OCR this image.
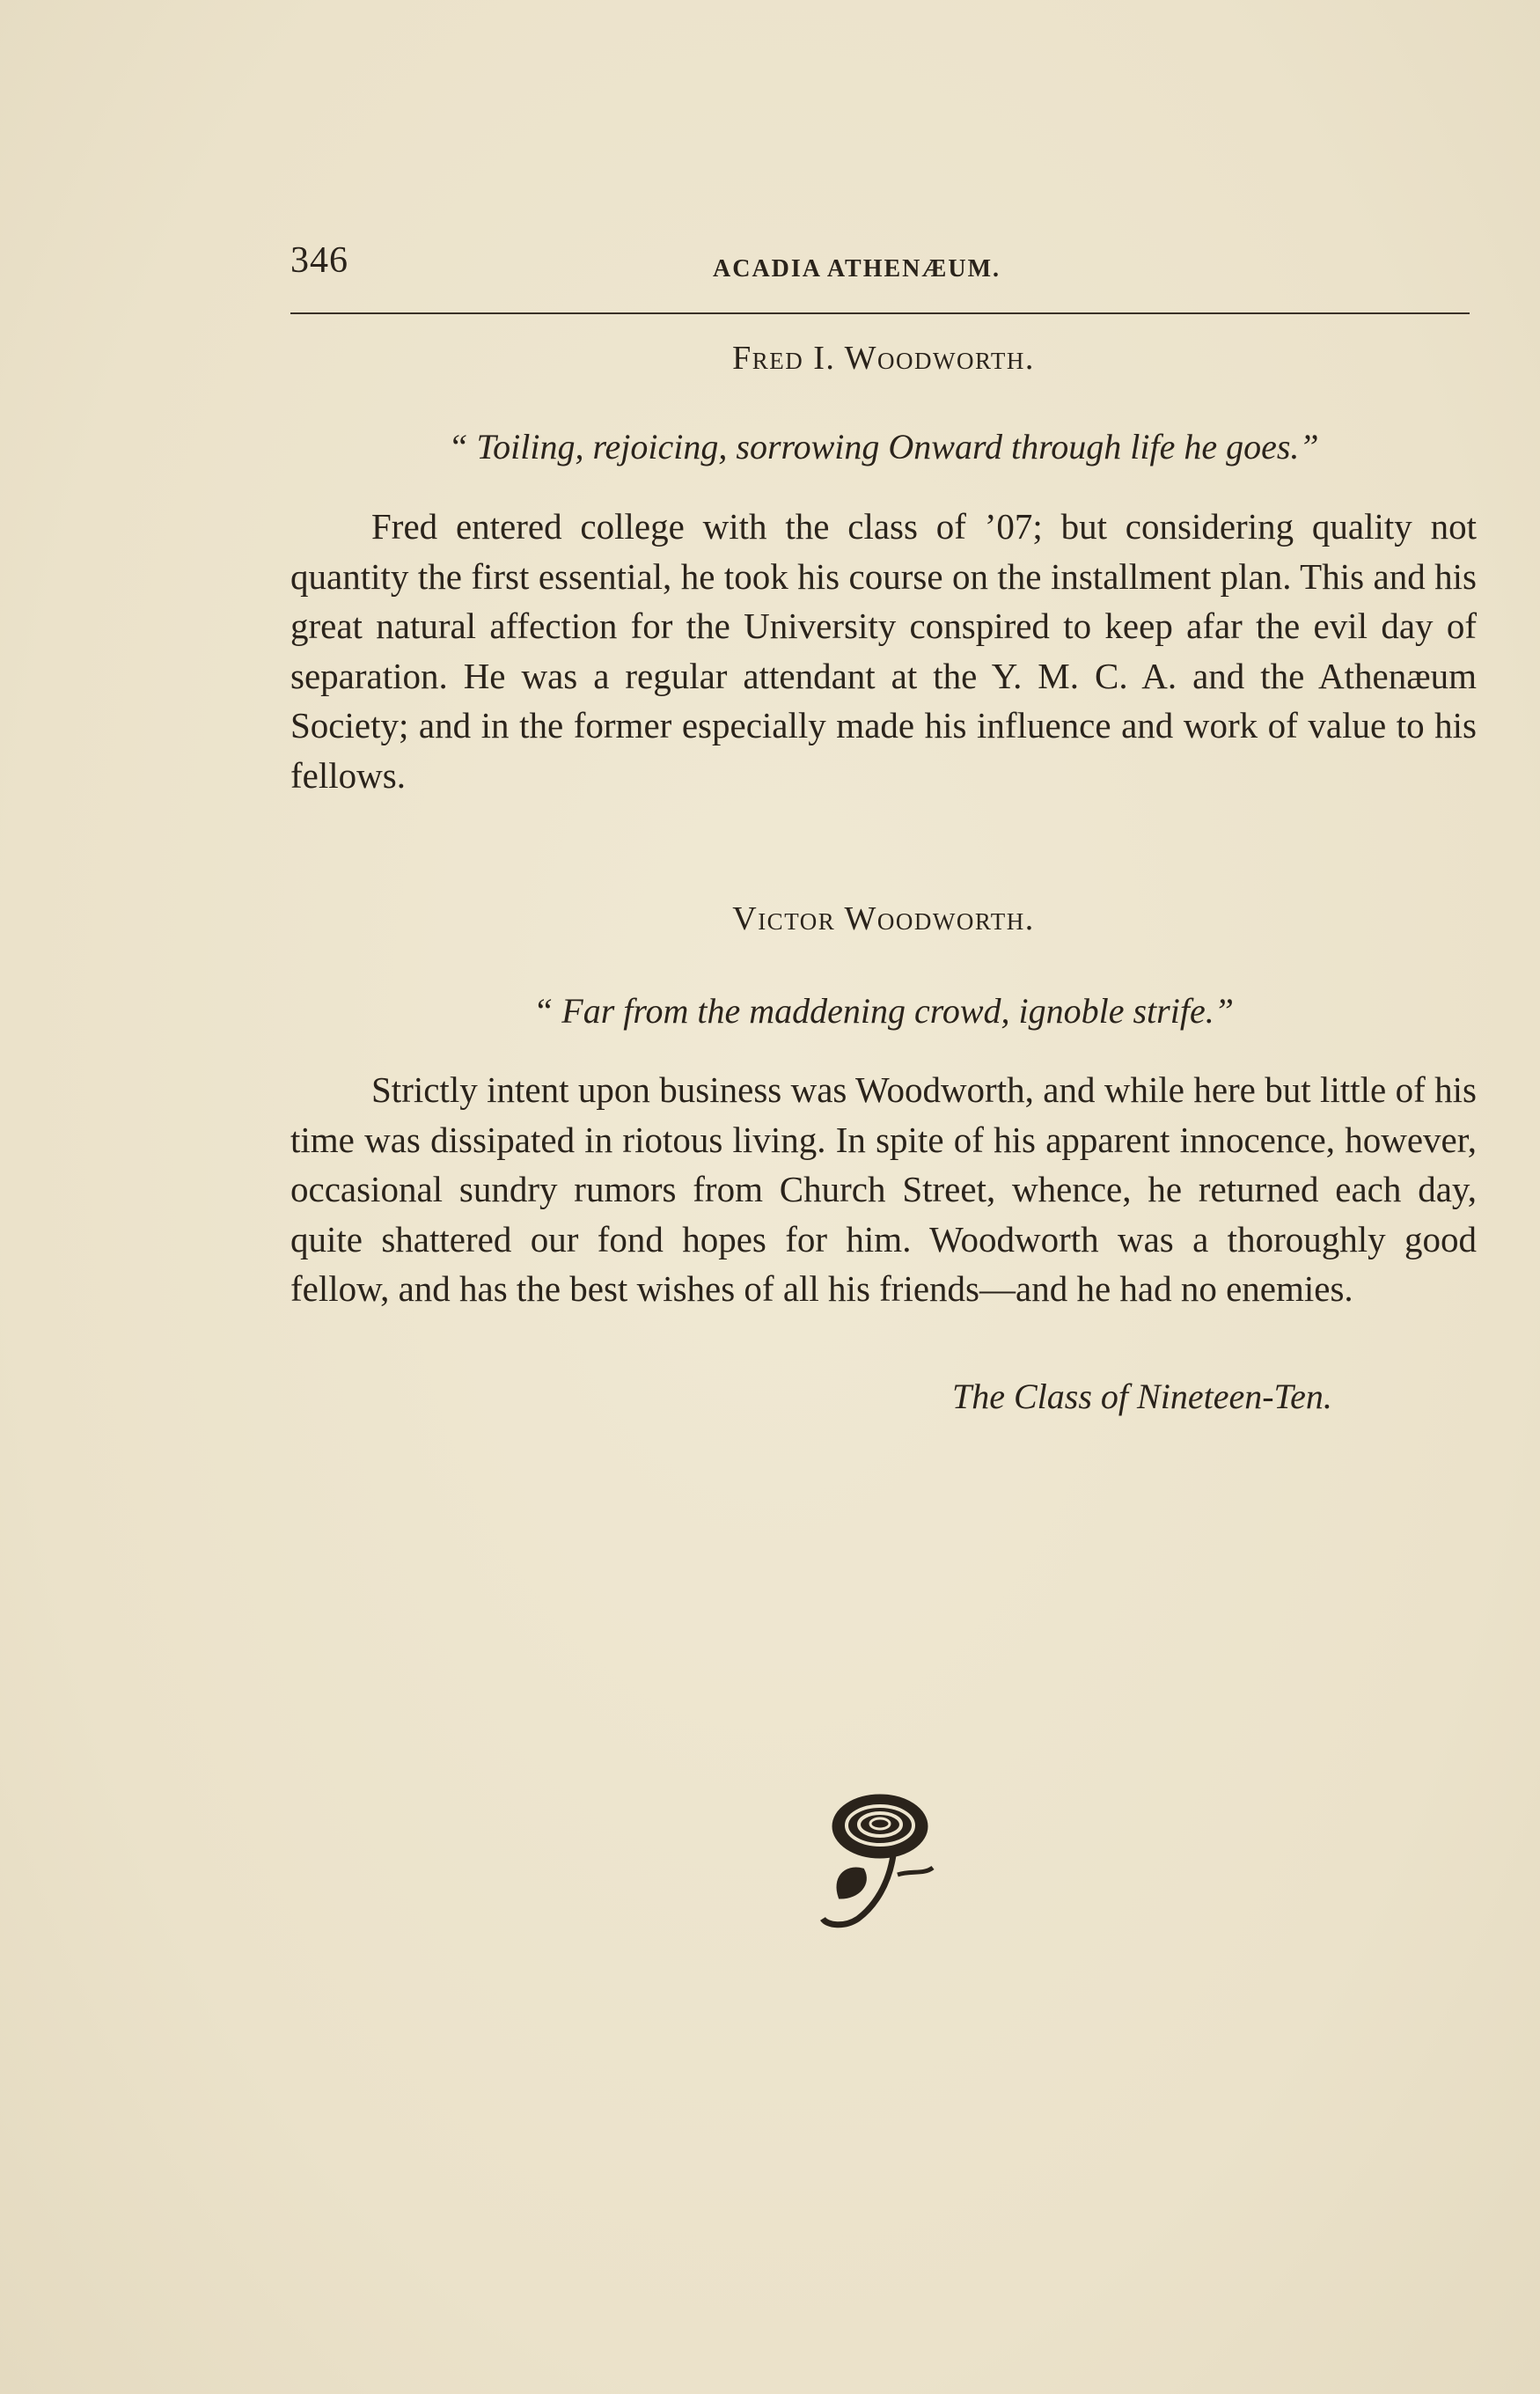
346	ACADIA ATHENÆUM.
Fred I. Woodworth.

“ Toiling, rejoicing, sorrowing Onward through life he goes.”

Fred entered college with the class of ’07; but considering quality not quantity the first essential, he took his course on the installment plan. This and his great natural affection for the University conspired to keep afar the evil day of separation. He was a regular attendant at the Y. M. C. A. and the Athenæum Society; and in the former especially made his influence and work of value to his fellows.

Victor Woodworth.

“ Far from the maddening crowd, ignoble strife.”

Strictly intent upon business was Woodworth, and while here but little of his time was dissipated in riotous living. In spite of his apparent innocence, however, occasional sundry rumors from Church Street, whence, he returned each day, quite shattered our fond hopes for him. Woodworth was a thoroughly good fellow, and has the best wishes of all his friends—and he had no enemies.

The Class of Nineteen-Ten.
